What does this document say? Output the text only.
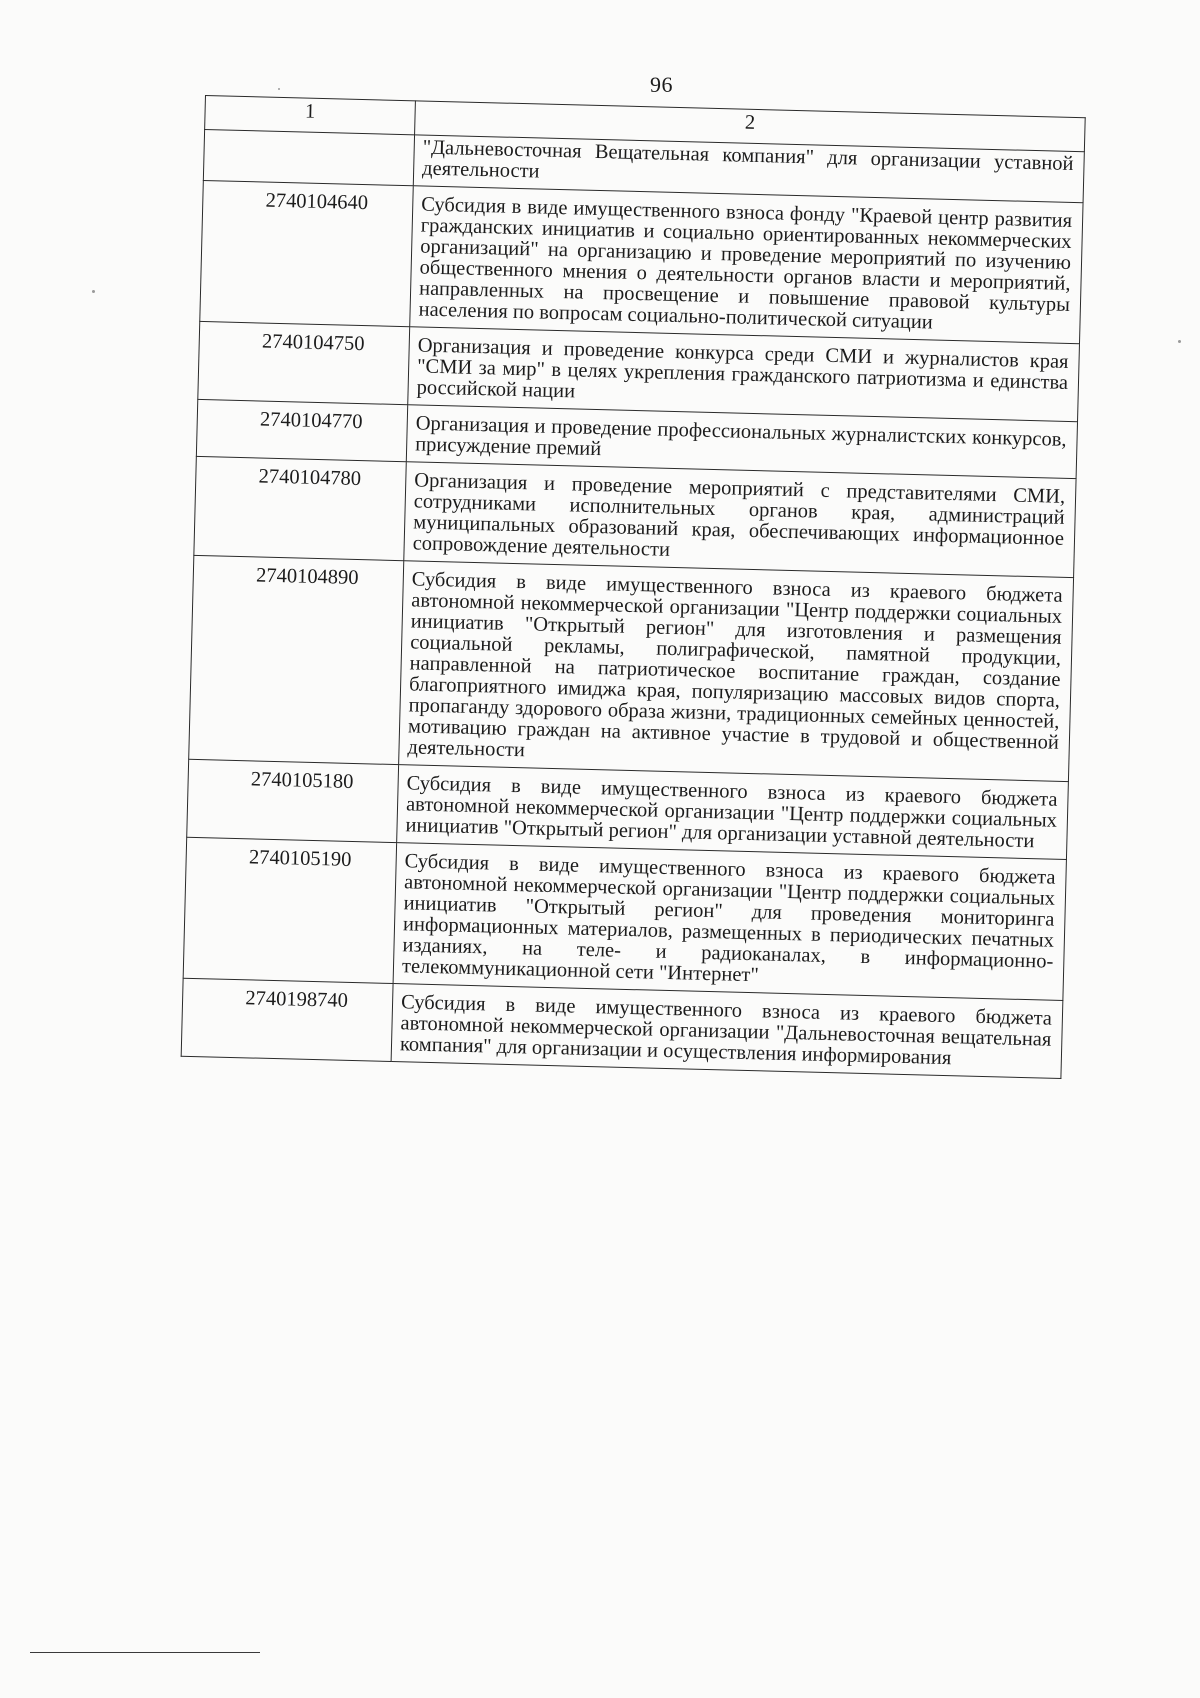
96
1	2
	"Дальневосточная Вещательная компания" для организации уставной деятельности
2740104640	Субсидия в виде имущественного взноса фонду "Краевой центр развития гражданских инициатив и социально ориентированных некоммерческих организаций" на организацию и проведение мероприятий по изучению общественного мнения о деятельности органов власти и мероприятий, направленных на просвещение и повышение правовой культуры населения по вопросам социально-политической ситуации
2740104750	Организация и проведение конкурса среди СМИ и журналистов края "СМИ за мир" в целях укрепления гражданского патриотизма и единства российской нации
2740104770	Организация и проведение профессиональных журналистских конкурсов, присуждение премий
2740104780	Организация и проведение мероприятий с представителями СМИ, сотрудниками исполнительных органов края, администраций муниципальных образований края, обеспечивающих информационное сопровождение деятельности
2740104890	Субсидия в виде имущественного взноса из краевого бюджета автономной некоммерческой организации "Центр поддержки социальных инициатив "Открытый регион" для изготовления и размещения социальной рекламы, полиграфической, памятной продукции, направленной на патриотическое воспитание граждан, создание благоприятного имиджа края, популяризацию массовых видов спорта, пропаганду здорового образа жизни, традиционных семейных ценностей, мотивацию граждан на активное участие в трудовой и общественной деятельности
2740105180	Субсидия в виде имущественного взноса из краевого бюджета автономной некоммерческой организации "Центр поддержки социальных инициатив "Открытый регион" для организации уставной деятельности
2740105190	Субсидия в виде имущественного взноса из краевого бюджета автономной некоммерческой организации "Центр поддержки социальных инициатив "Открытый регион" для проведения мониторинга информационных материалов, размещенных в периодических печатных изданиях, на теле- и радиоканалах, в информационно-телекоммуникационной сети "Интернет"
2740198740	Субсидия в виде имущественного взноса из краевого бюджета автономной некоммерческой организации "Дальневосточная вещательная компания" для организации и осуществления информирования
